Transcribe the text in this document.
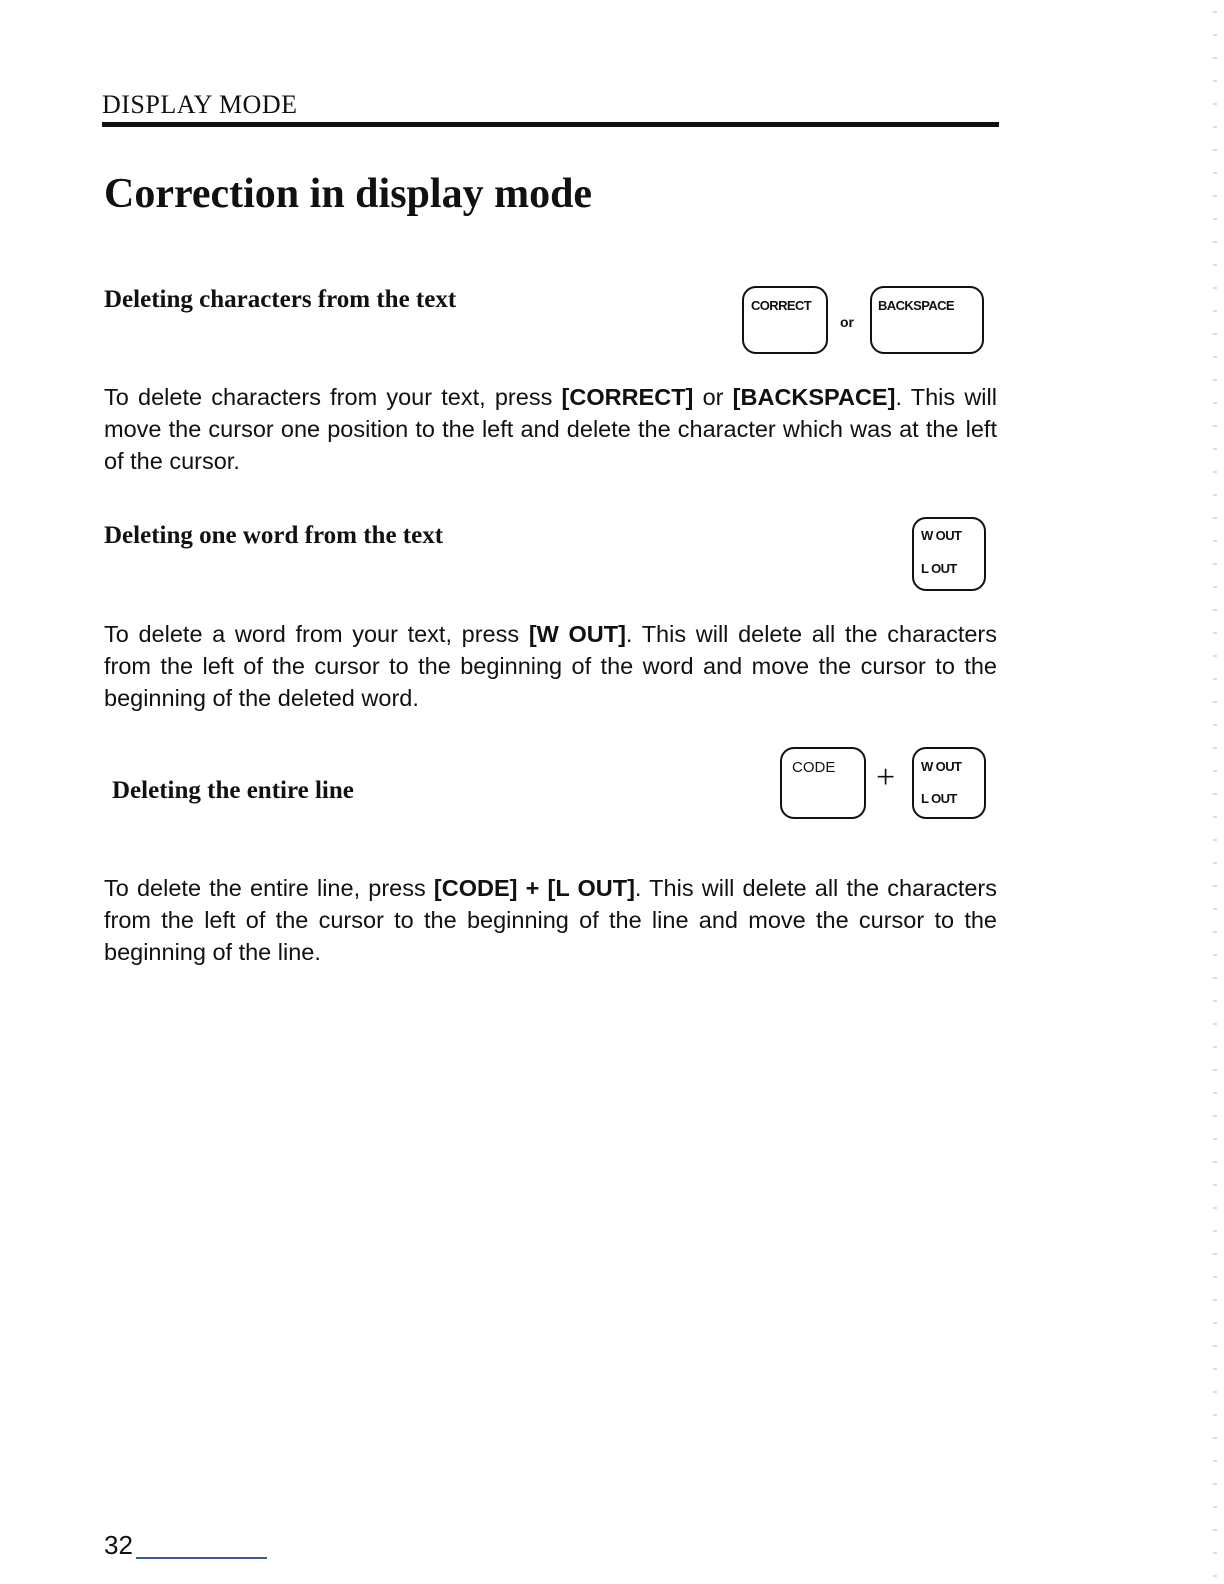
DISPLAY MODE
Correction in display mode
Deleting characters from the text	CORRECT
or
BACKSPACE

To delete characters from your text, press [CORRECT] or [BACKSPACE]. This will move the cursor one position to the left and delete the character which was at the left of the cursor.

Deleting one word from the text	W OUT
L OUT

To delete a word from your text, press [W OUT]. This will delete all the characters from the left of the cursor to the beginning of the word and move the cursor to the beginning of the deleted word.

Deleting the entire line
CODE + W OUT
L OUT

To delete the entire line, press [CODE] + [L OUT]. This will delete all the characters from the left of the cursor to the beginning of the line and move the cursor to the beginning of the line.

32
